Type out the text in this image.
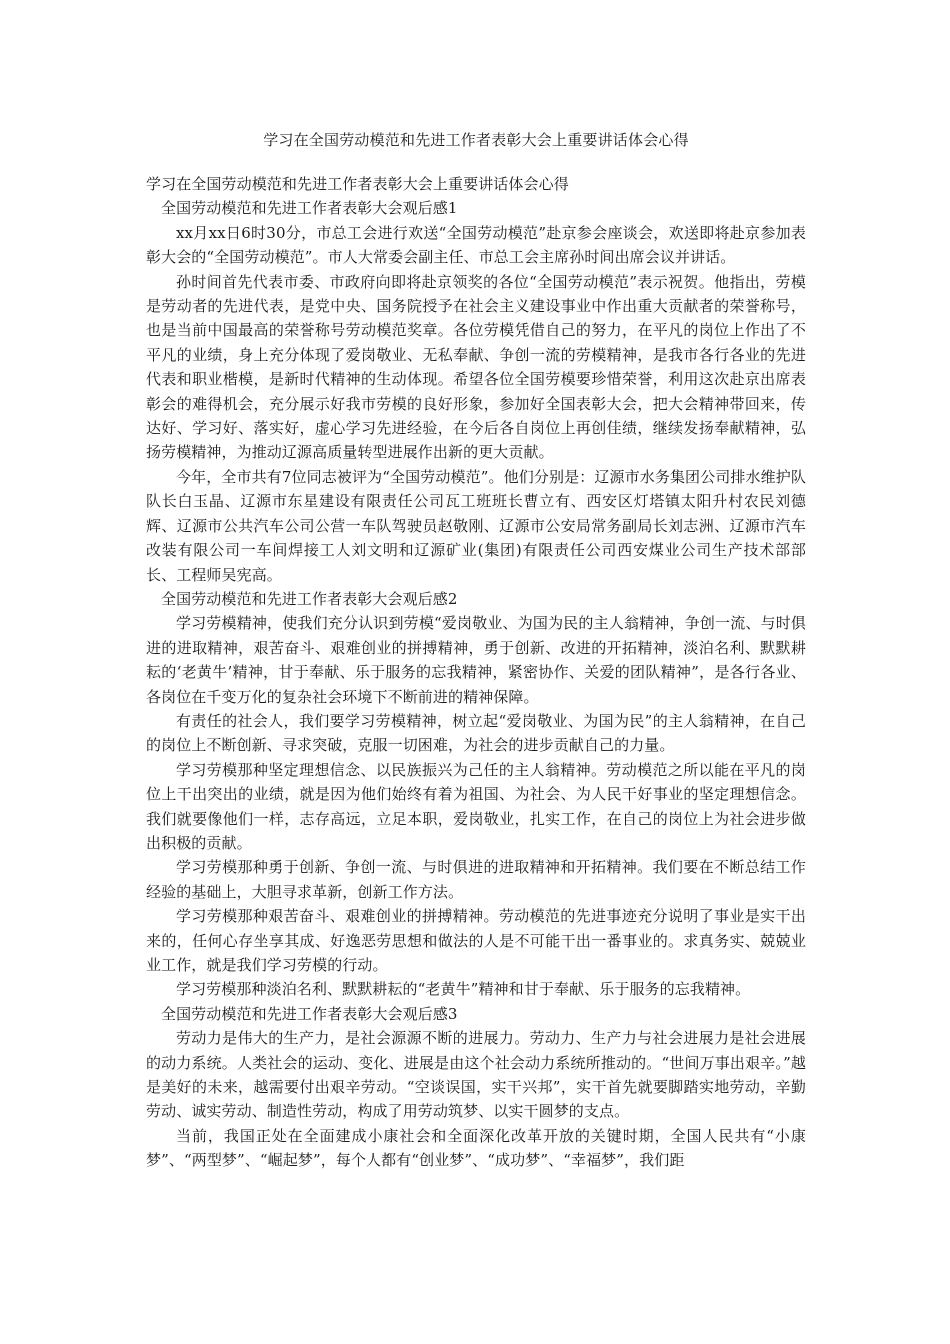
学习在全国劳动模范和先进工作者表彰大会上重要讲话体会心得

学习在全国劳动模范和先进工作者表彰大会上重要讲话体会心得

全国劳动模范和先进工作者表彰大会观后感1

xx月xx日6时30分，市总工会进行欢送“全国劳动模范”赴京参会座谈会，欢送即将赴京参加表彰大会的“全国劳动模范”。市人大常委会副主任、市总工会主席孙时间出席会议并讲话。

孙时间首先代表市委、市政府向即将赴京领奖的各位“全国劳动模范”表示祝贺。他指出，劳模是劳动者的先进代表，是党中央、国务院授予在社会主义建设事业中作出重大贡献者的荣誉称号，也是当前中国最高的荣誉称号劳动模范奖章。各位劳模凭借自己的努力，在平凡的岗位上作出了不平凡的业绩，身上充分体现了爱岗敬业、无私奉献、争创一流的劳模精神，是我市各行各业的先进代表和职业楷模，是新时代精神的生动体现。希望各位全国劳模要珍惜荣誉，利用这次赴京出席表彰会的难得机会，充分展示好我市劳模的良好形象，参加好全国表彰大会，把大会精神带回来，传达好、学习好、落实好，虚心学习先进经验，在今后各自岗位上再创佳绩，继续发扬奉献精神，弘扬劳模精神，为推动辽源高质量转型进展作出新的更大贡献。

今年，全市共有7位同志被评为“全国劳动模范”。他们分别是：辽源市水务集团公司排水维护队队长白玉晶、辽源市东星建设有限责任公司瓦工班班长曹立有、西安区灯塔镇太阳升村农民刘德辉、辽源市公共汽车公司公营一车队驾驶员赵敬刚、辽源市公安局常务副局长刘志洲、辽源市汽车改装有限公司一车间焊接工人刘文明和辽源矿业(集团)有限责任公司西安煤业公司生产技术部部长、工程师吴宪高。

全国劳动模范和先进工作者表彰大会观后感2

学习劳模精神，使我们充分认识到劳模“爱岗敬业、为国为民的主人翁精神，争创一流、与时俱进的进取精神，艰苦奋斗、艰难创业的拼搏精神，勇于创新、改进的开拓精神，淡泊名利、默默耕耘的‘老黄牛’精神，甘于奉献、乐于服务的忘我精神，紧密协作、关爱的团队精神”，是各行各业、各岗位在千变万化的复杂社会环境下不断前进的精神保障。

有责任的社会人，我们要学习劳模精神，树立起“爱岗敬业、为国为民”的主人翁精神，在自己的岗位上不断创新、寻求突破，克服一切困难，为社会的进步贡献自己的力量。

学习劳模那种坚定理想信念、以民族振兴为己任的主人翁精神。劳动模范之所以能在平凡的岗位上干出突出的业绩，就是因为他们始终有着为祖国、为社会、为人民干好事业的坚定理想信念。我们就要像他们一样，志存高远，立足本职，爱岗敬业，扎实工作，在自己的岗位上为社会进步做出积极的贡献。

学习劳模那种勇于创新、争创一流、与时俱进的进取精神和开拓精神。我们要在不断总结工作经验的基础上，大胆寻求革新，创新工作方法。

学习劳模那种艰苦奋斗、艰难创业的拼搏精神。劳动模范的先进事迹充分说明了事业是实干出来的，任何心存坐享其成、好逸恶劳思想和做法的人是不可能干出一番事业的。求真务实、兢兢业业工作，就是我们学习劳模的行动。

学习劳模那种淡泊名利、默默耕耘的“老黄牛”精神和甘于奉献、乐于服务的忘我精神。

全国劳动模范和先进工作者表彰大会观后感3

劳动力是伟大的生产力，是社会源源不断的进展力。劳动力、生产力与社会进展力是社会进展的动力系统。人类社会的运动、变化、进展是由这个社会动力系统所推动的。“世间万事出艰辛。”越是美好的未来，越需要付出艰辛劳动。“空谈误国，实干兴邦”，实干首先就要脚踏实地劳动，辛勤劳动、诚实劳动、制造性劳动，构成了用劳动筑梦、以实干圆梦的支点。

当前，我国正处在全面建成小康社会和全面深化改革开放的关键时期，全国人民共有“小康梦”、“两型梦”、“崛起梦”，每个人都有“创业梦”、“成功梦”、“幸福梦”，我们距
